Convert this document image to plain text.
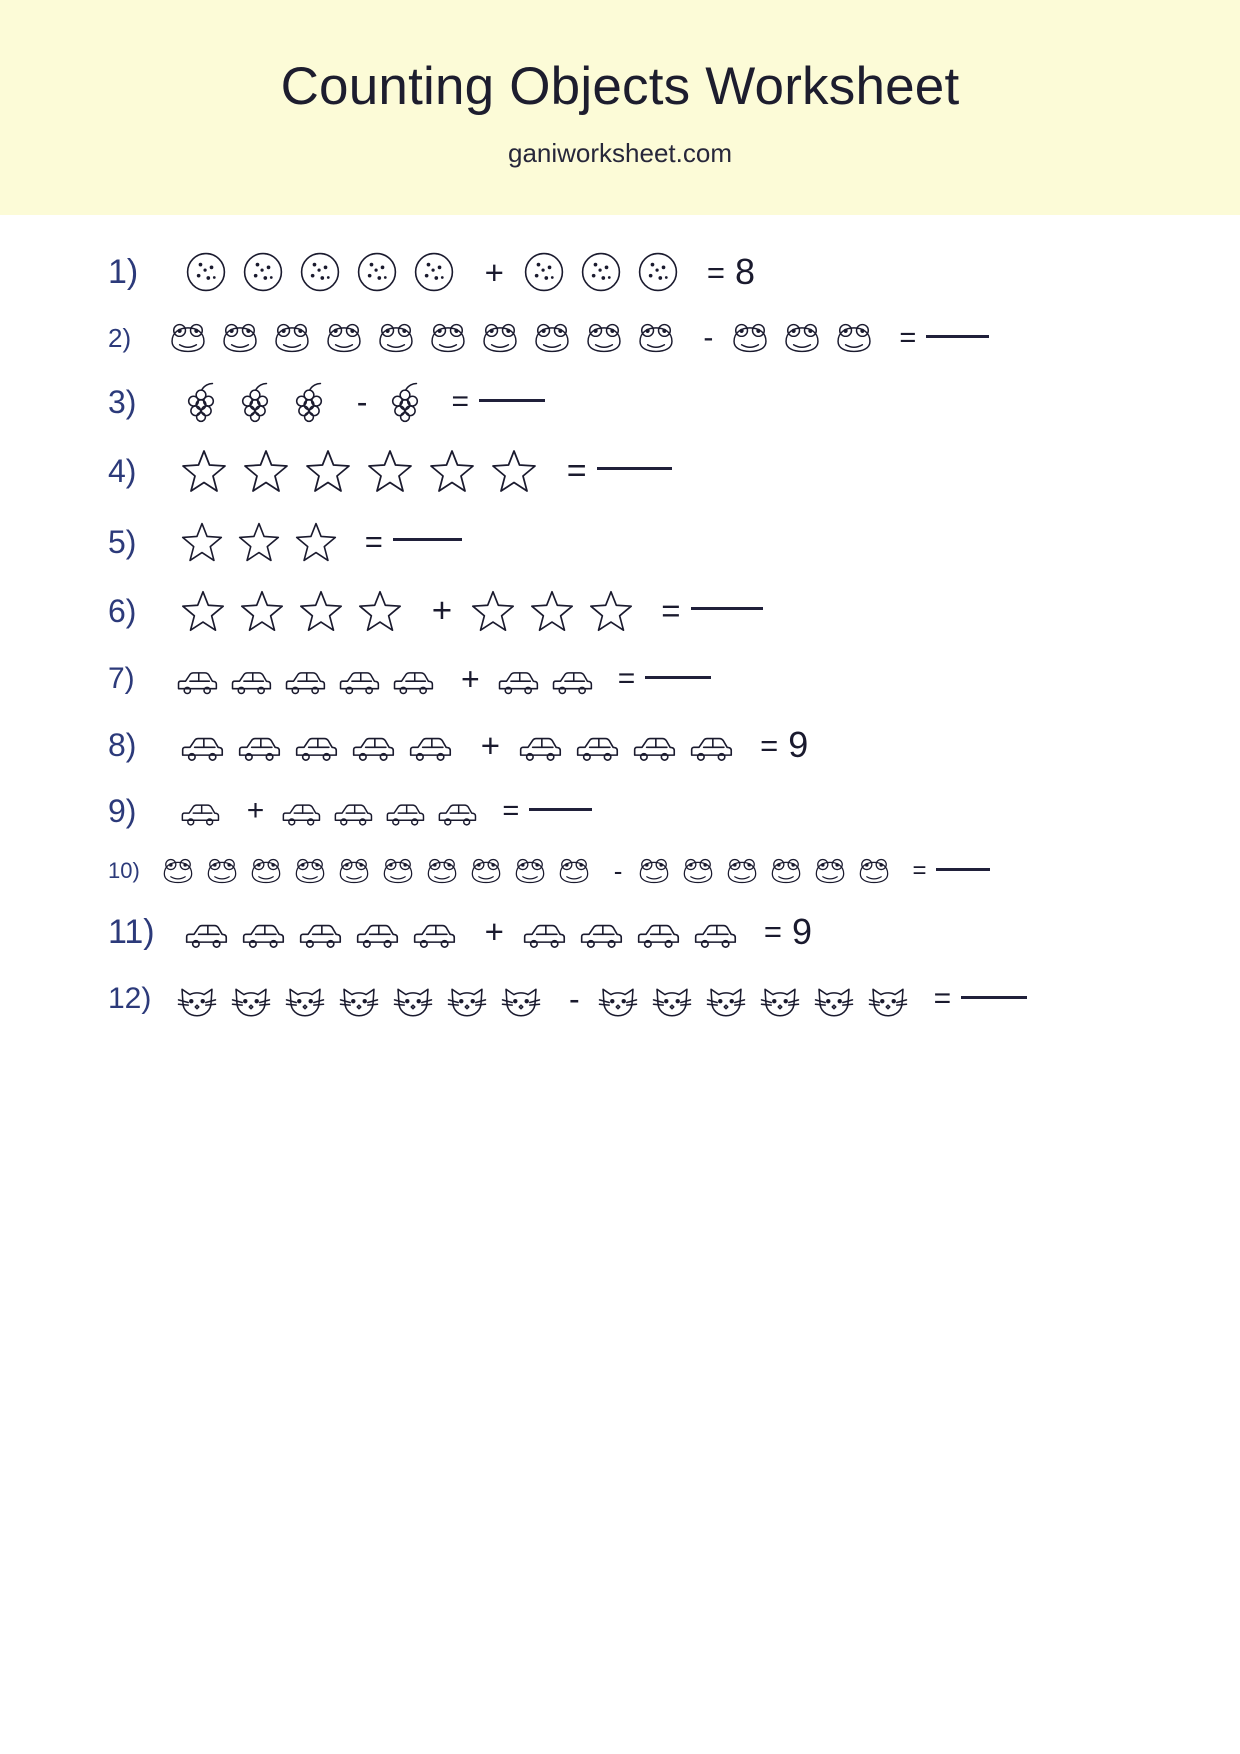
Counting Objects Worksheet
ganiworksheet.com
1)	+	= 8
2)	-	=
3)	-	=
4)	=
5)	=
6)	+	=
7)	+	=
8)	+	= 9
9)	+	=
10)	-	=
11)	+	= 9
12)	-	=
